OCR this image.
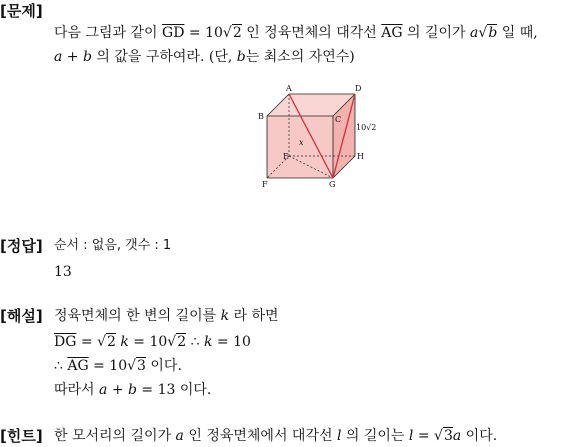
[문제]
다음 그림과 같이 $\overline{GD} = 10√2$ 인 정육면체의 대각선 $\overline{AG}$ 의 길이가 a√b 일 때,
a + b 의 값을 구하여라. (단, b는 최소의 자연수)
A
B	C
D
E
F	G
H
x
10√2
[정답] 순서 : 없음, 갯수 : 1
13
[해설] 정육면체의 한 변의 길이를 k 라 하면
$\overline{DG} = √2$ k = 10√2 ∴ k = 10
∴ $\overline{AG} = 10√3$ 이다.
따라서 a + b = 13 이다.
[힌트] 한 모서리의 길이가 a 인 정육면체에서 대각선 l 의 길이는 l = √3a 이다.
